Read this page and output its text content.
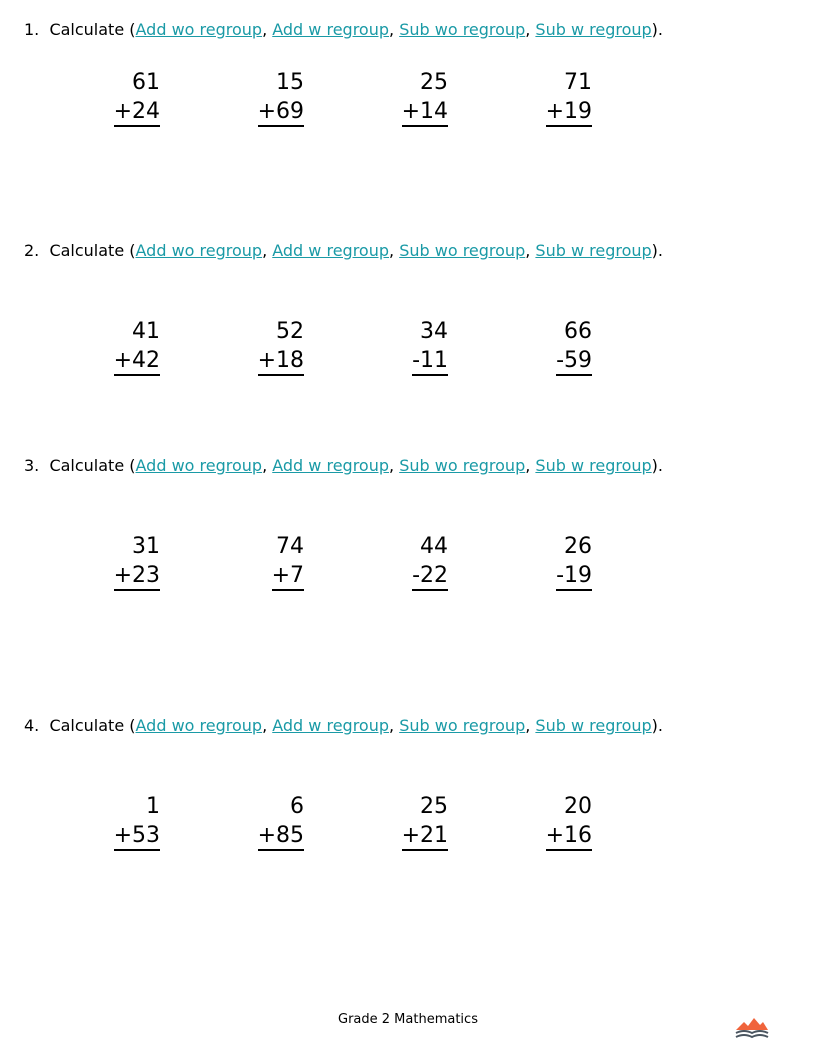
1. Calculate (Add wo regroup, Add w regroup, Sub wo regroup, Sub w regroup).
61
+24
15
+69
25
+14
71
+19
2. Calculate (Add wo regroup, Add w regroup, Sub wo regroup, Sub w regroup).
41
+42
52
+18
34
-11
66
-59
3. Calculate (Add wo regroup, Add w regroup, Sub wo regroup, Sub w regroup).
31
+23
74
+7
44
-22
26
-19
4. Calculate (Add wo regroup, Add w regroup, Sub wo regroup, Sub w regroup).
1
+53
6
+85
25
+21
20
+16
Grade 2 Mathematics
